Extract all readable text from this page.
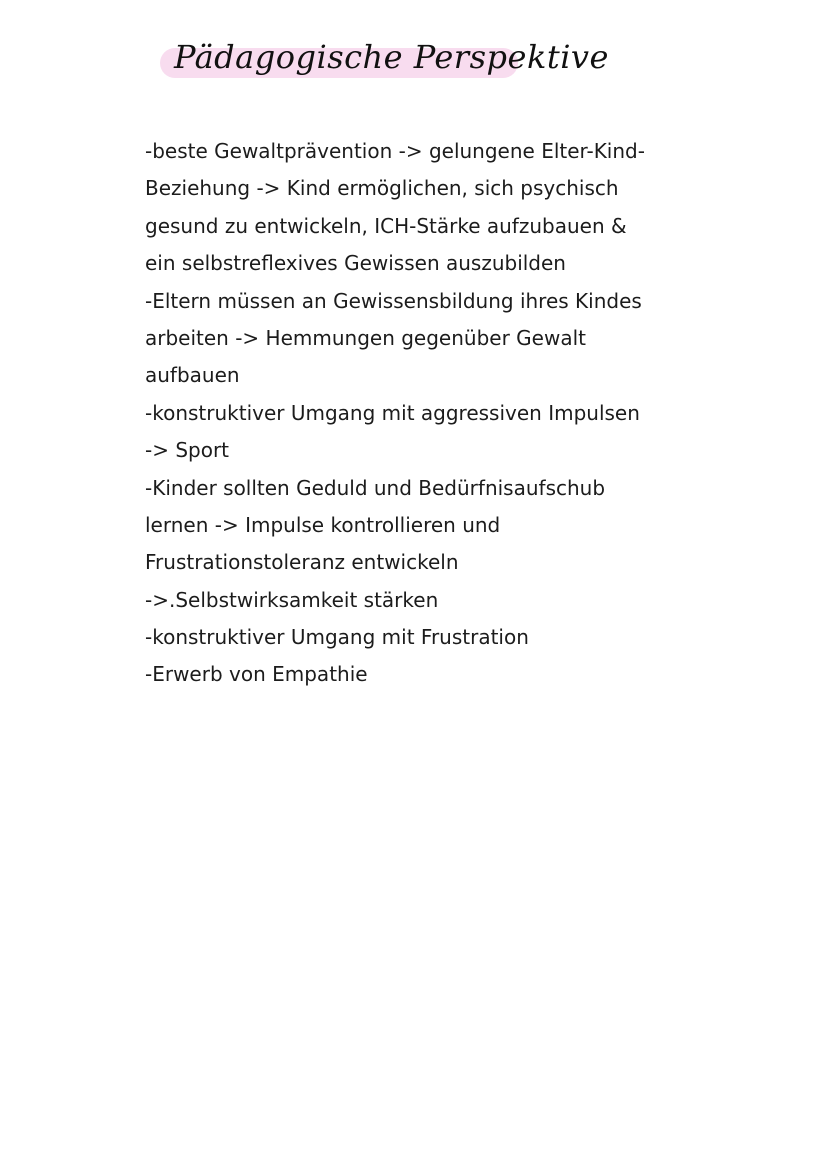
Pädagogische Perspektive
-beste Gewaltprävention -> gelungene Elter-Kind-
Beziehung -> Kind ermöglichen, sich psychisch
gesund zu entwickeln, ICH-Stärke aufzubauen &
ein selbstreflexives Gewissen auszubilden
-Eltern müssen an Gewissensbildung ihres Kindes
arbeiten -> Hemmungen gegenüber Gewalt
aufbauen
-konstruktiver Umgang mit aggressiven Impulsen
-> Sport
-Kinder sollten Geduld und Bedürfnisaufschub
lernen -> Impulse kontrollieren und
Frustrationstoleranz entwickeln
->.Selbstwirksamkeit stärken
-konstruktiver Umgang mit Frustration
-Erwerb von Empathie
